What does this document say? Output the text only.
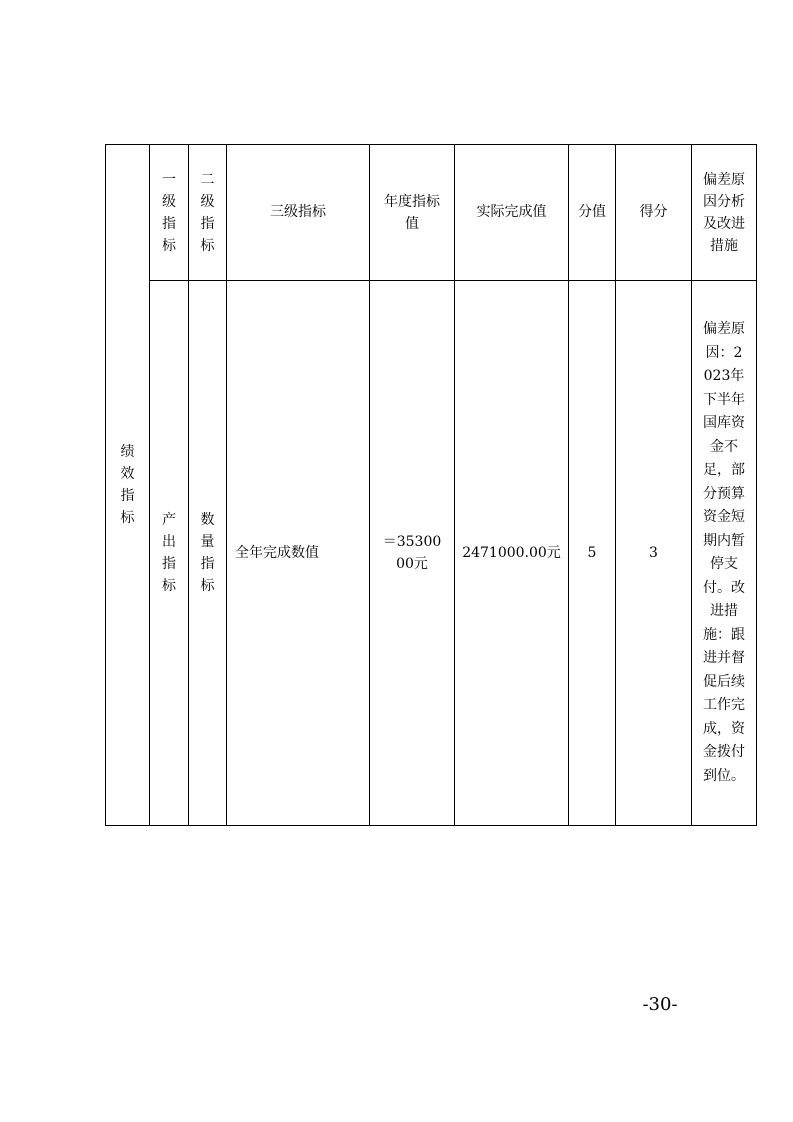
绩效指标	一级指标	二级指标	三级指标	年度指标值	实际完成值	分值	得分	偏差原因分析及改进措施
	产出指标	数量指标	全年完成数值	＝3530000元	2471000.00元	5	3	偏差原因：2023年下半年国库资金不足，部分预算资金短期内暂停支付。改进措施：跟进并督促后续工作完成，资金拨付到位。
-30-
